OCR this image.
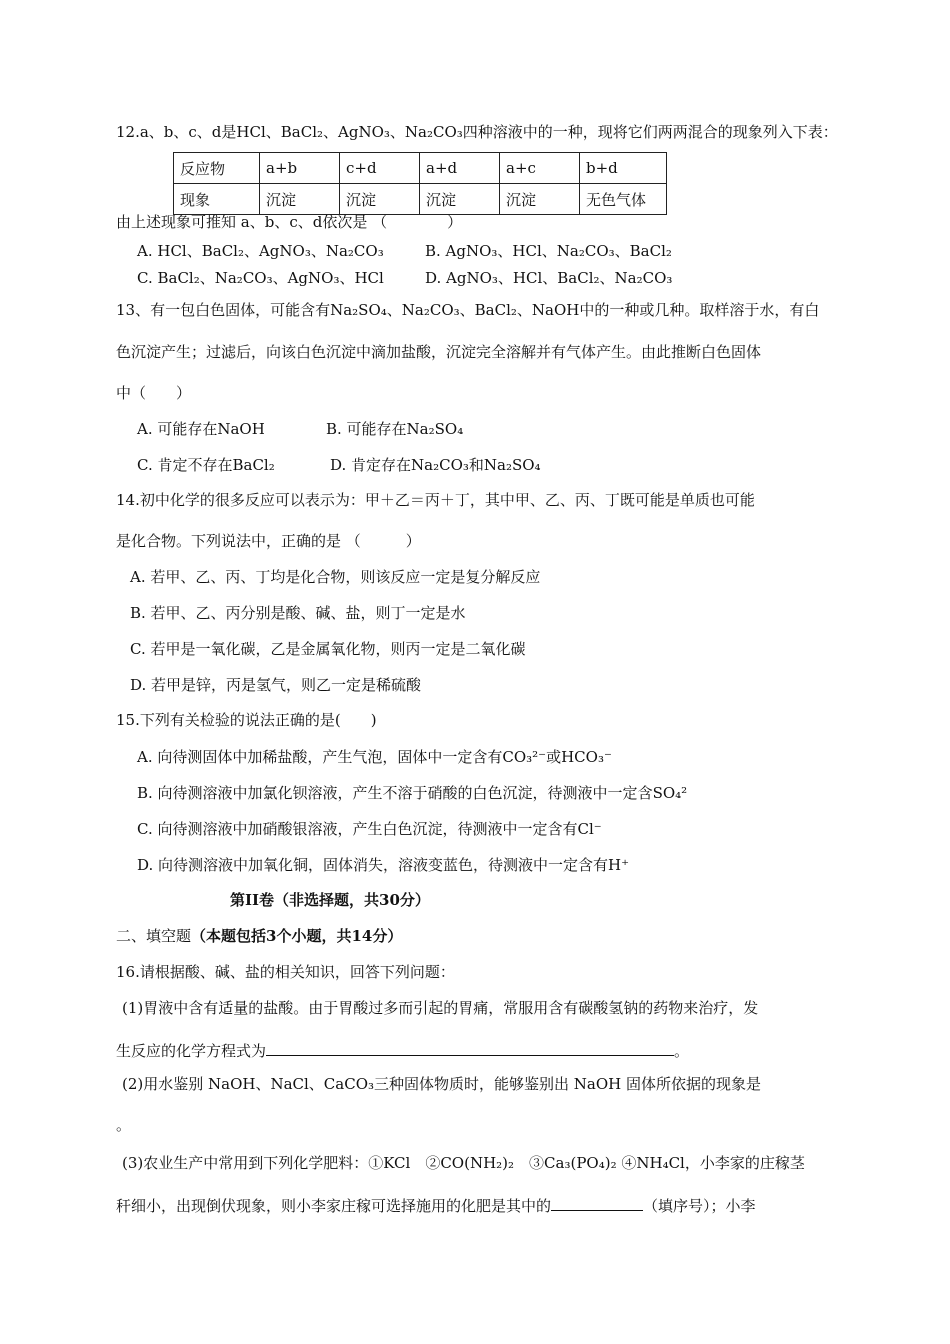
12.a、b、c、d是HCl、BaCl₂、AgNO₃、Na₂CO₃四种溶液中的一种，现将它们两两混合的现象列入下表：
反应物	a+b	c+d	a+d	a+c	b+d
现象	沉淀	沉淀	沉淀	沉淀	无色气体
由上述现象可推知 a、b、c、d依次是 （　　　　）
A. HCl、BaCl₂、AgNO₃、Na₂CO₃	B. AgNO₃、HCl、Na₂CO₃、BaCl₂
C. BaCl₂、Na₂CO₃、AgNO₃、HCl	D. AgNO₃、HCl、BaCl₂、Na₂CO₃
13、有一包白色固体，可能含有Na₂SO₄、Na₂CO₃、BaCl₂、NaOH中的一种或几种。取样溶于水，有白
色沉淀产生；过滤后，向该白色沉淀中滴加盐酸，沉淀完全溶解并有气体产生。由此推断白色固体
中（　　）
A. 可能存在NaOH	B. 可能存在Na₂SO₄
C. 肯定不存在BaCl₂	D. 肯定存在Na₂CO₃和Na₂SO₄
14.初中化学的很多反应可以表示为：甲＋乙＝丙＋丁，其中甲、乙、丙、丁既可能是单质也可能
是化合物。下列说法中，正确的是 （　　　）
A. 若甲、乙、丙、丁均是化合物，则该反应一定是复分解反应
B. 若甲、乙、丙分别是酸、碱、盐，则丁一定是水
C. 若甲是一氧化碳，乙是金属氧化物，则丙一定是二氧化碳
D. 若甲是锌，丙是氢气，则乙一定是稀硫酸
15.下列有关检验的说法正确的是(　　)
A. 向待测固体中加稀盐酸，产生气泡，固体中一定含有CO₃²⁻或HCO₃⁻
B. 向待测溶液中加氯化钡溶液，产生不溶于硝酸的白色沉淀，待测液中一定含SO₄²
C. 向待测溶液中加硝酸银溶液，产生白色沉淀，待测液中一定含有Cl⁻
D. 向待测溶液中加氧化铜，固体消失，溶液变蓝色，待测液中一定含有H⁺
第II卷（非选择题，共30分）
二、填空题（本题包括3个小题，共14分）
16.请根据酸、碱、盐的相关知识，回答下列问题：
(1)胃液中含有适量的盐酸。由于胃酸过多而引起的胃痛，常服用含有碳酸氢钠的药物来治疗，发
生反应的化学方程式为	。
(2)用水鉴别 NaOH、NaCl、CaCO₃三种固体物质时，能够鉴别出 NaOH 固体所依据的现象是
。
(3)农业生产中常用到下列化学肥料：①KCl　②CO(NH₂)₂　③Ca₃(PO₄)₂ ④NH₄Cl，小李家的庄稼茎
秆细小，出现倒伏现象，则小李家庄稼可选择施用的化肥是其中的	（填序号）；小李
